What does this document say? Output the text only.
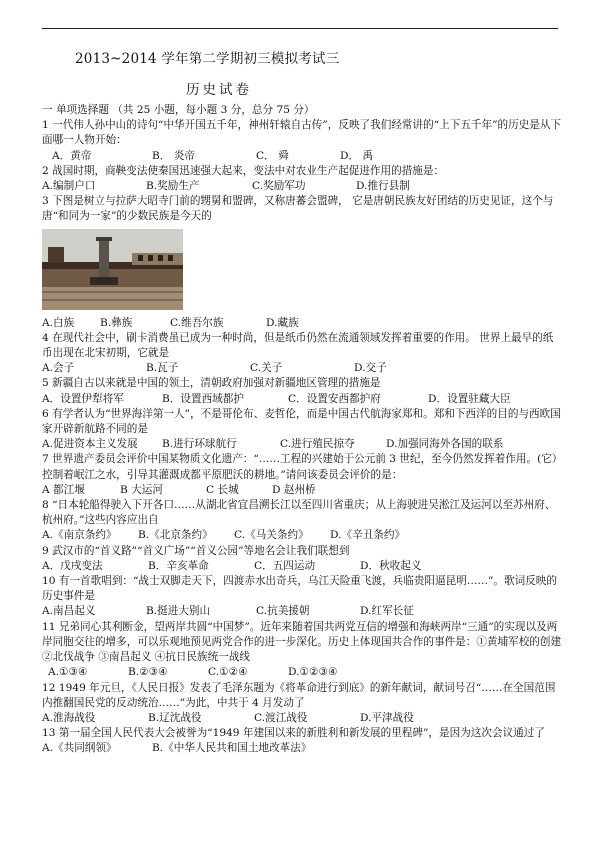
2013~2014 学年第二学期初三模拟考试三
历史试卷
一 单项选择题 （共 25 小题，每小题 3 分，总分 75 分）
1 一代伟人孙中山的诗句“中华开国五千年，神州轩辕自古传”，反映了我们经常讲的“上下五千年”的历史是从下面哪一人物开始：
A．黄帝	B． 炎帝	C． 舜	D． 禹
2 战国时期，商鞅变法使秦国迅速强大起来，变法中对农业生产起促进作用的措施是：
A.编制户口	B.奖励生产	C.奖励军功	D.推行县制
3 下图是树立与拉萨大昭寺门前的甥舅和盟碑，又称唐蕃会盟碑， 它是唐朝民族友好团结的历史见证，这个与唐“和同为一家”的少数民族是今天的
A.白族	B.彝族	C.维吾尔族	D.藏族
4 在现代社会中，刷卡消费虽已成为一种时尚，但是纸币仍然在流通领域发挥着重要的作用。 世界上最早的纸币出现在北宋初期，它就是
A.会子	B.瓦子	C.关子	D.交子
5 新疆自古以来就是中国的领土，清朝政府加强对新疆地区管理的措施是
A．设置伊犁将军	B．设置西域都护	C．设置安西都护府	D．设置驻藏大臣
6 有学者认为“世界海洋第一人”，不是哥伦布、麦哲伦，而是中国古代航海家郑和。郑和下西洋的目的与西欧国家开辟新航路不同的是
A.促进资本主义发展	B.进行环球航行	C.进行殖民掠夺	D.加强同海外各国的联系
7 世界遗产委员会评价中国某物质文化遗产：“……工程的兴建始于公元前 3 世纪，至今仍然发挥着作用。(它）控制着岷江之水，引导其灌溉成都平原肥沃的耕地。”请问该委员会评价的是：
A 都江堰	B 大运河	C 长城	D 赵州桥
8 “日本轮船得驶入下开各口……从湖北省宜昌溯长江以至四川省重庆；从上海驶进吴淞江及运河以至苏州府、杭州府。”这些内容应出自
A.《南京条约》	B.《北京条约》	C.《马关条约》	D.《辛丑条约》
9 武汉市的“首义路”“首义广场”“首义公园”等地名会让我们联想到
A．戊戌变法	B．辛亥革命	C．五四运动	D．秋收起义
10 有一首歌唱到：“战士双脚走天下，四渡赤水出奇兵，乌江天险重飞渡，兵临贵阳逼昆明……”。歌词反映的历史事件是
A.南昌起义	B.挺进大别山	C.抗美援朝	D.红军长征
11 兄弟同心其利断金，望两岸共圆“中国梦”。近年来随着国共两党互信的增强和海峡两岸“三通”的实现以及两岸同胞交往的增多，可以乐观地预见两党合作的进一步深化。历史上体现国共合作的事件是：①黄埔军校的创建 ②北伐战争 ③南昌起义 ④抗日民族统一战线
A.①③④	B.②③④	C.①②④	D.①②③④
12 1949 年元旦，《人民日报》发表了毛泽东题为《将革命进行到底》的新年献词，献词号召“……在全国范围内推翻国民党的反动统治……”为此，中共于 4 月发动了
A.淮海战役	B.辽沈战役	C.渡江战役	D.平津战役
13 第一届全国人民代表大会被誉为“1949 年建国以来的新胜利和新发展的里程碑”，是因为这次会议通过了
A.《共同纲领》	B.《中华人民共和国土地改革法》
